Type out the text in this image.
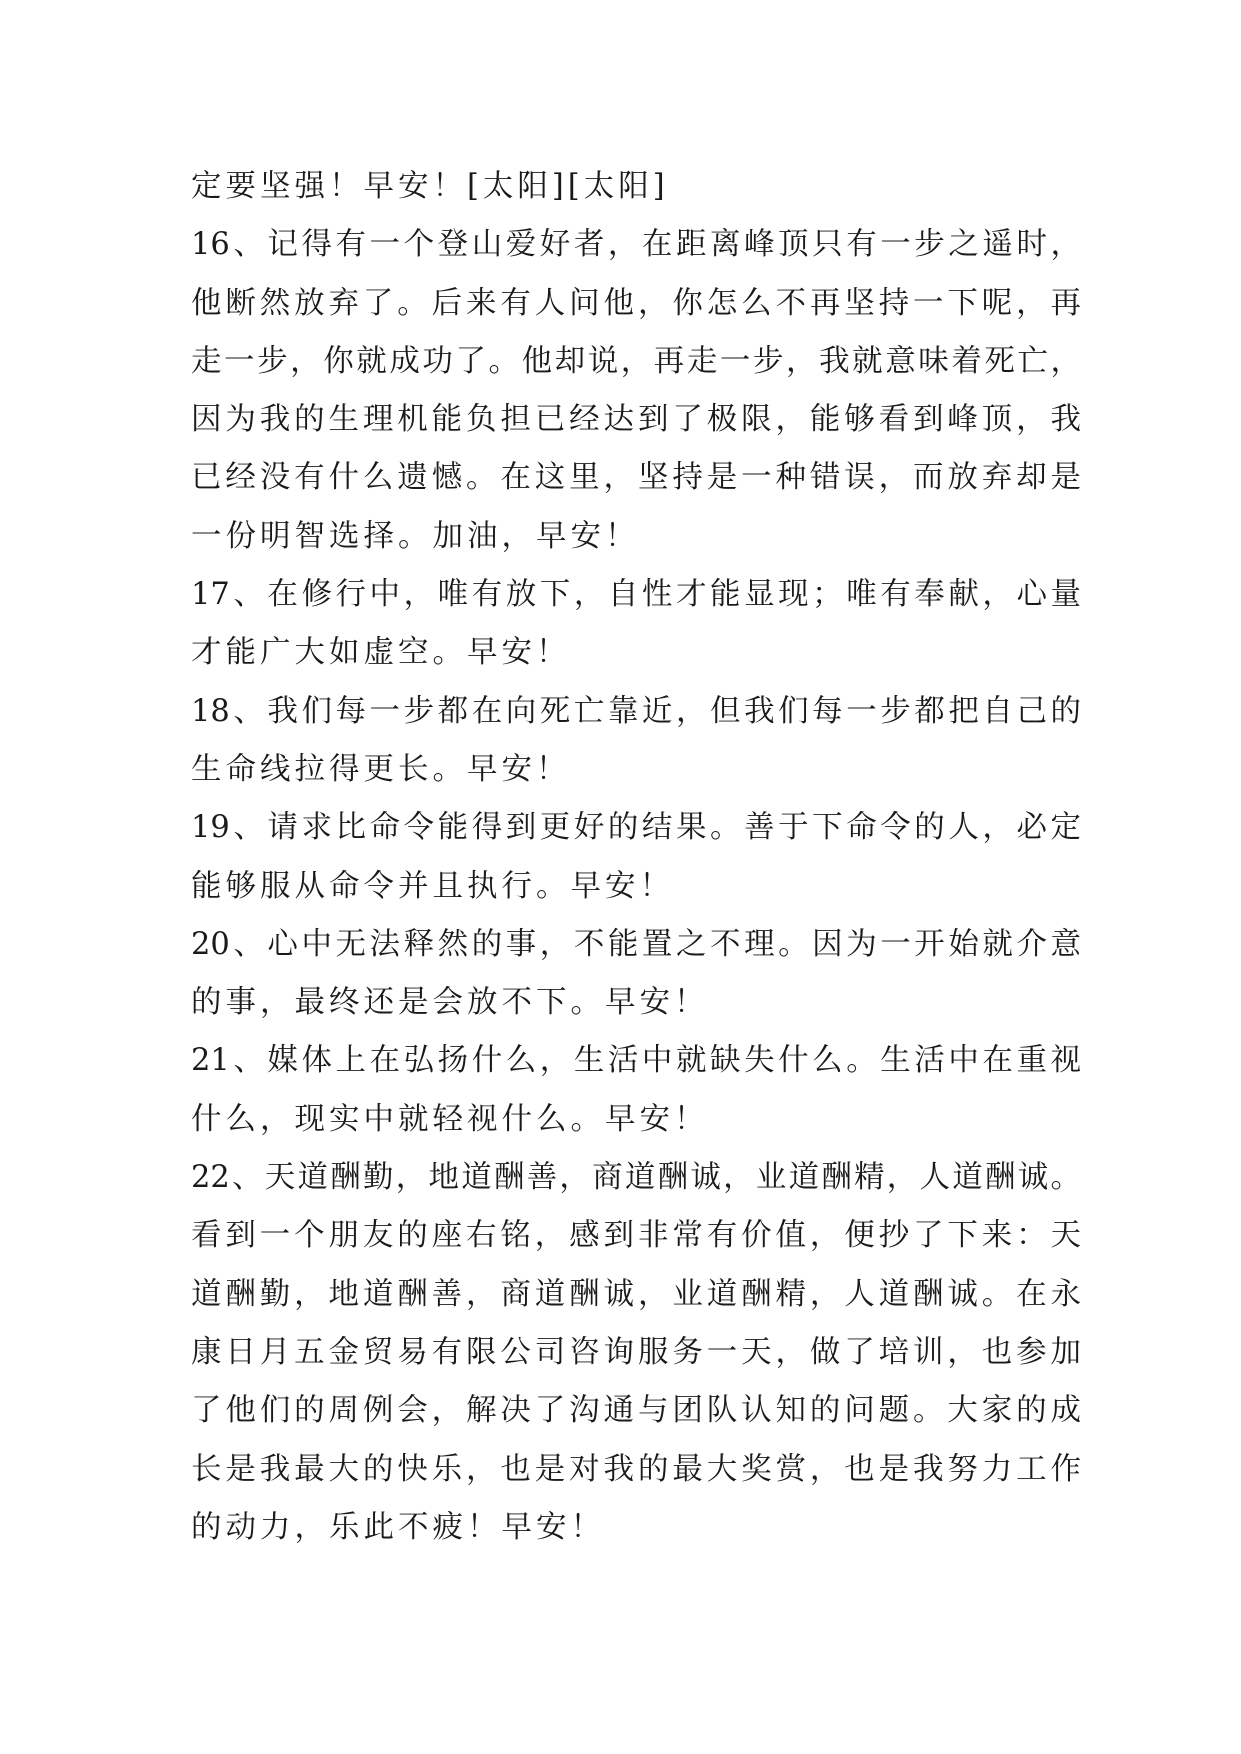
定要坚强！早安！[太阳][太阳]
16、记得有一个登山爱好者，在距离峰顶只有一步之遥时，
他断然放弃了。后来有人问他，你怎么不再坚持一下呢，再
走一步，你就成功了。他却说，再走一步，我就意味着死亡，
因为我的生理机能负担已经达到了极限，能够看到峰顶，我
已经没有什么遗憾。在这里，坚持是一种错误，而放弃却是
一份明智选择。加油，早安！
17、在修行中，唯有放下，自性才能显现；唯有奉献，心量
才能广大如虚空。早安！
18、我们每一步都在向死亡靠近，但我们每一步都把自己的
生命线拉得更长。早安！
19、请求比命令能得到更好的结果。善于下命令的人，必定
能够服从命令并且执行。早安！
20、心中无法释然的事，不能置之不理。因为一开始就介意
的事，最终还是会放不下。早安！
21、媒体上在弘扬什么，生活中就缺失什么。生活中在重视
什么，现实中就轻视什么。早安！
22、天道酬勤，地道酬善，商道酬诚，业道酬精，人道酬诚。
看到一个朋友的座右铭，感到非常有价值，便抄了下来：天
道酬勤，地道酬善，商道酬诚，业道酬精，人道酬诚。在永
康日月五金贸易有限公司咨询服务一天，做了培训，也参加
了他们的周例会，解决了沟通与团队认知的问题。大家的成
长是我最大的快乐，也是对我的最大奖赏，也是我努力工作
的动力，乐此不疲！早安！
